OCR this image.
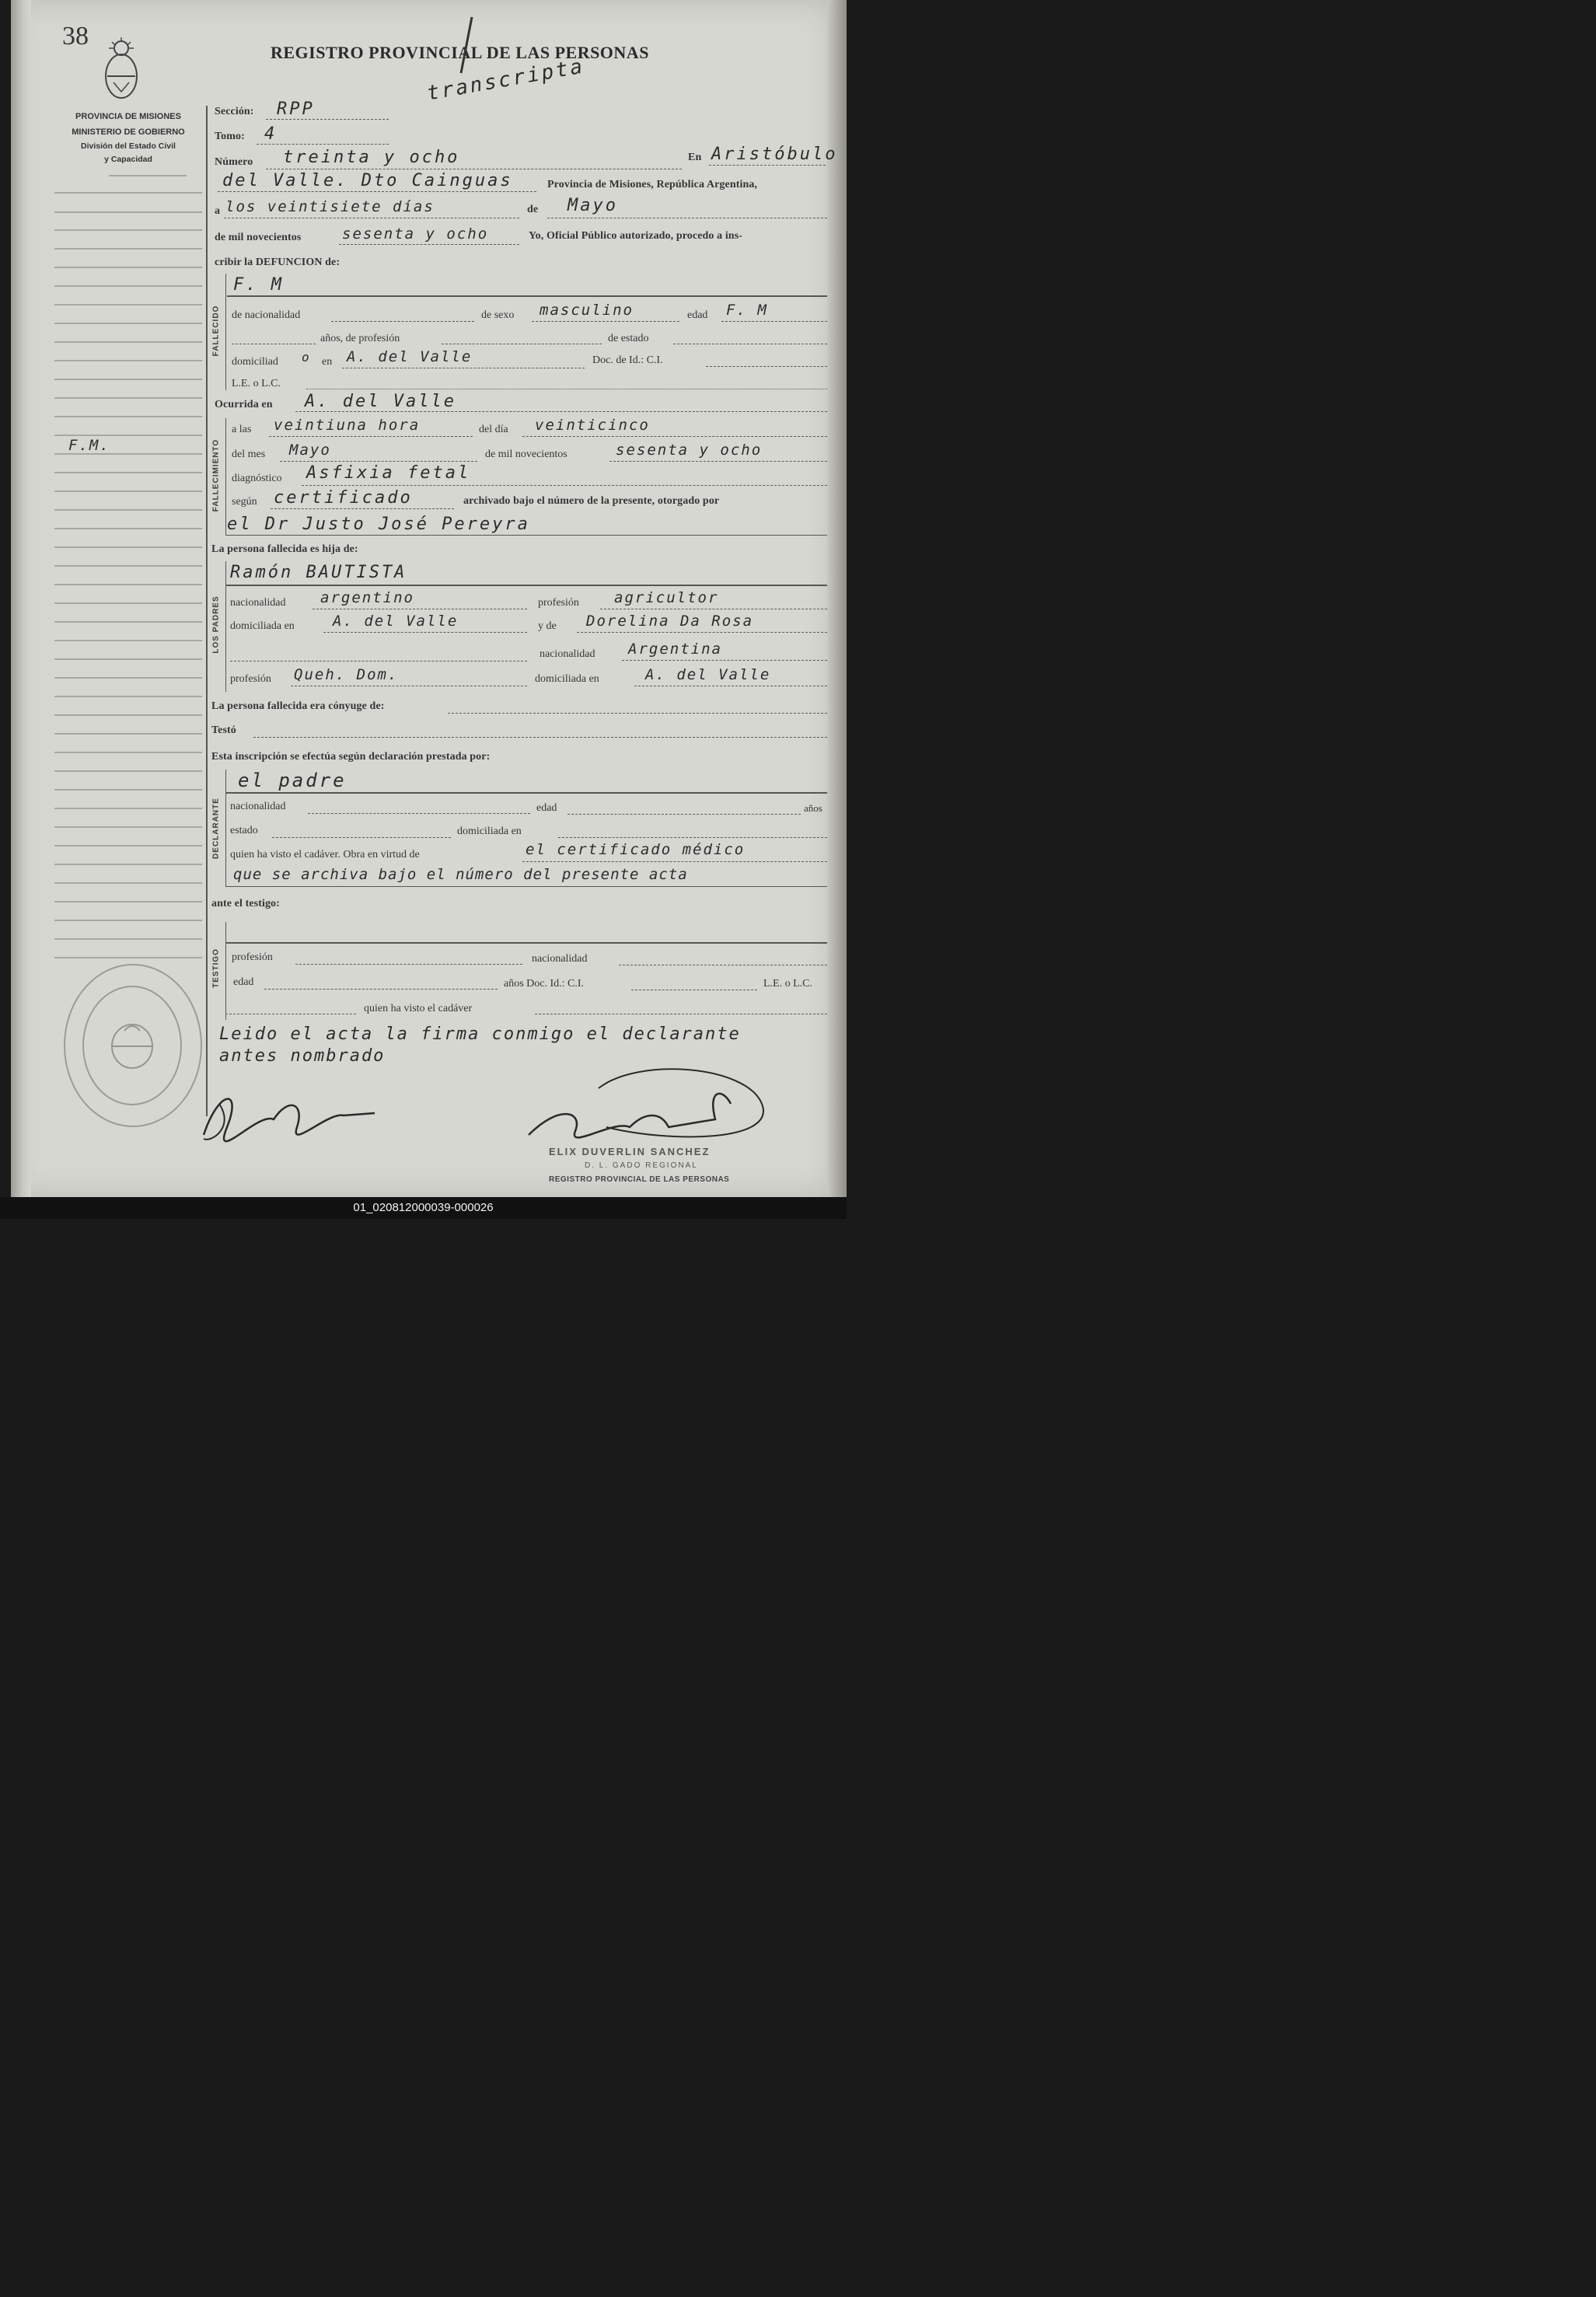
38
REGISTRO PROVINCIAL DE LAS PERSONAS
transcripta
PROVINCIA DE MISIONES
MINISTERIO DE GOBIERNO
División del Estado Civil
y Capacidad
F.M.
Sección: RPP
Tomo: 4
Número treinta y ocho	En Aristóbulo
del Valle. Dto Cainguas	Provincia de Misiones, República Argentina,
a los veintisiete días	de Mayo
de mil novecientos	sesenta y ocho	Yo, Oficial Público autorizado, procedo a ins-
cribir la DEFUNCION de:
FALLECIDO
F. M
de nacionalidad	de sexo masculino	edad F. M
años, de profesión	de estado
domiciliad o en A. del Valle	Doc. de Id.: C.I.
L.E. o L.C.
Ocurrida en A. del Valle
FALLECIMIENTO
a las veintiuna hora	del día veinticinco
del mes Mayo	de mil novecientos	sesenta y ocho
diagnóstico Asfixia fetal
según certificado	archivado bajo el número de la presente, otorgado por
el Dr Justo José Pereyra
La persona fallecida es hija de:
LOS PADRES
Ramón BAUTISTA
nacionalidad argentino	profesión agricultor
domiciliada en	A. del Valle	y de Dorelina Da Rosa
nacionalidad Argentina
profesión Queh. Dom.	domiciliada en	A. del Valle
La persona fallecida era cónyuge de:
Testó
Esta inscripción se efectúa según declaración prestada por:
DECLARANTE
el padre
nacionalidad	edad	años
estado	domiciliada en
quien ha visto el cadáver. Obra en virtud de	el certificado médico
que se archiva bajo el número del presente acta
ante el testigo:
TESTIGO profesión	nacionalidad
edad	años Doc. Id.: C.I.	L.E. o L.C.
quien ha visto el cadáver
Leido el acta la firma conmigo el declarante
antes nombrado
ELIX DUVERLIN SANCHEZ
D. L. GADO REGIONAL
REGISTRO PROVINCIAL DE LAS PERSONAS
01_020812000039-000026
